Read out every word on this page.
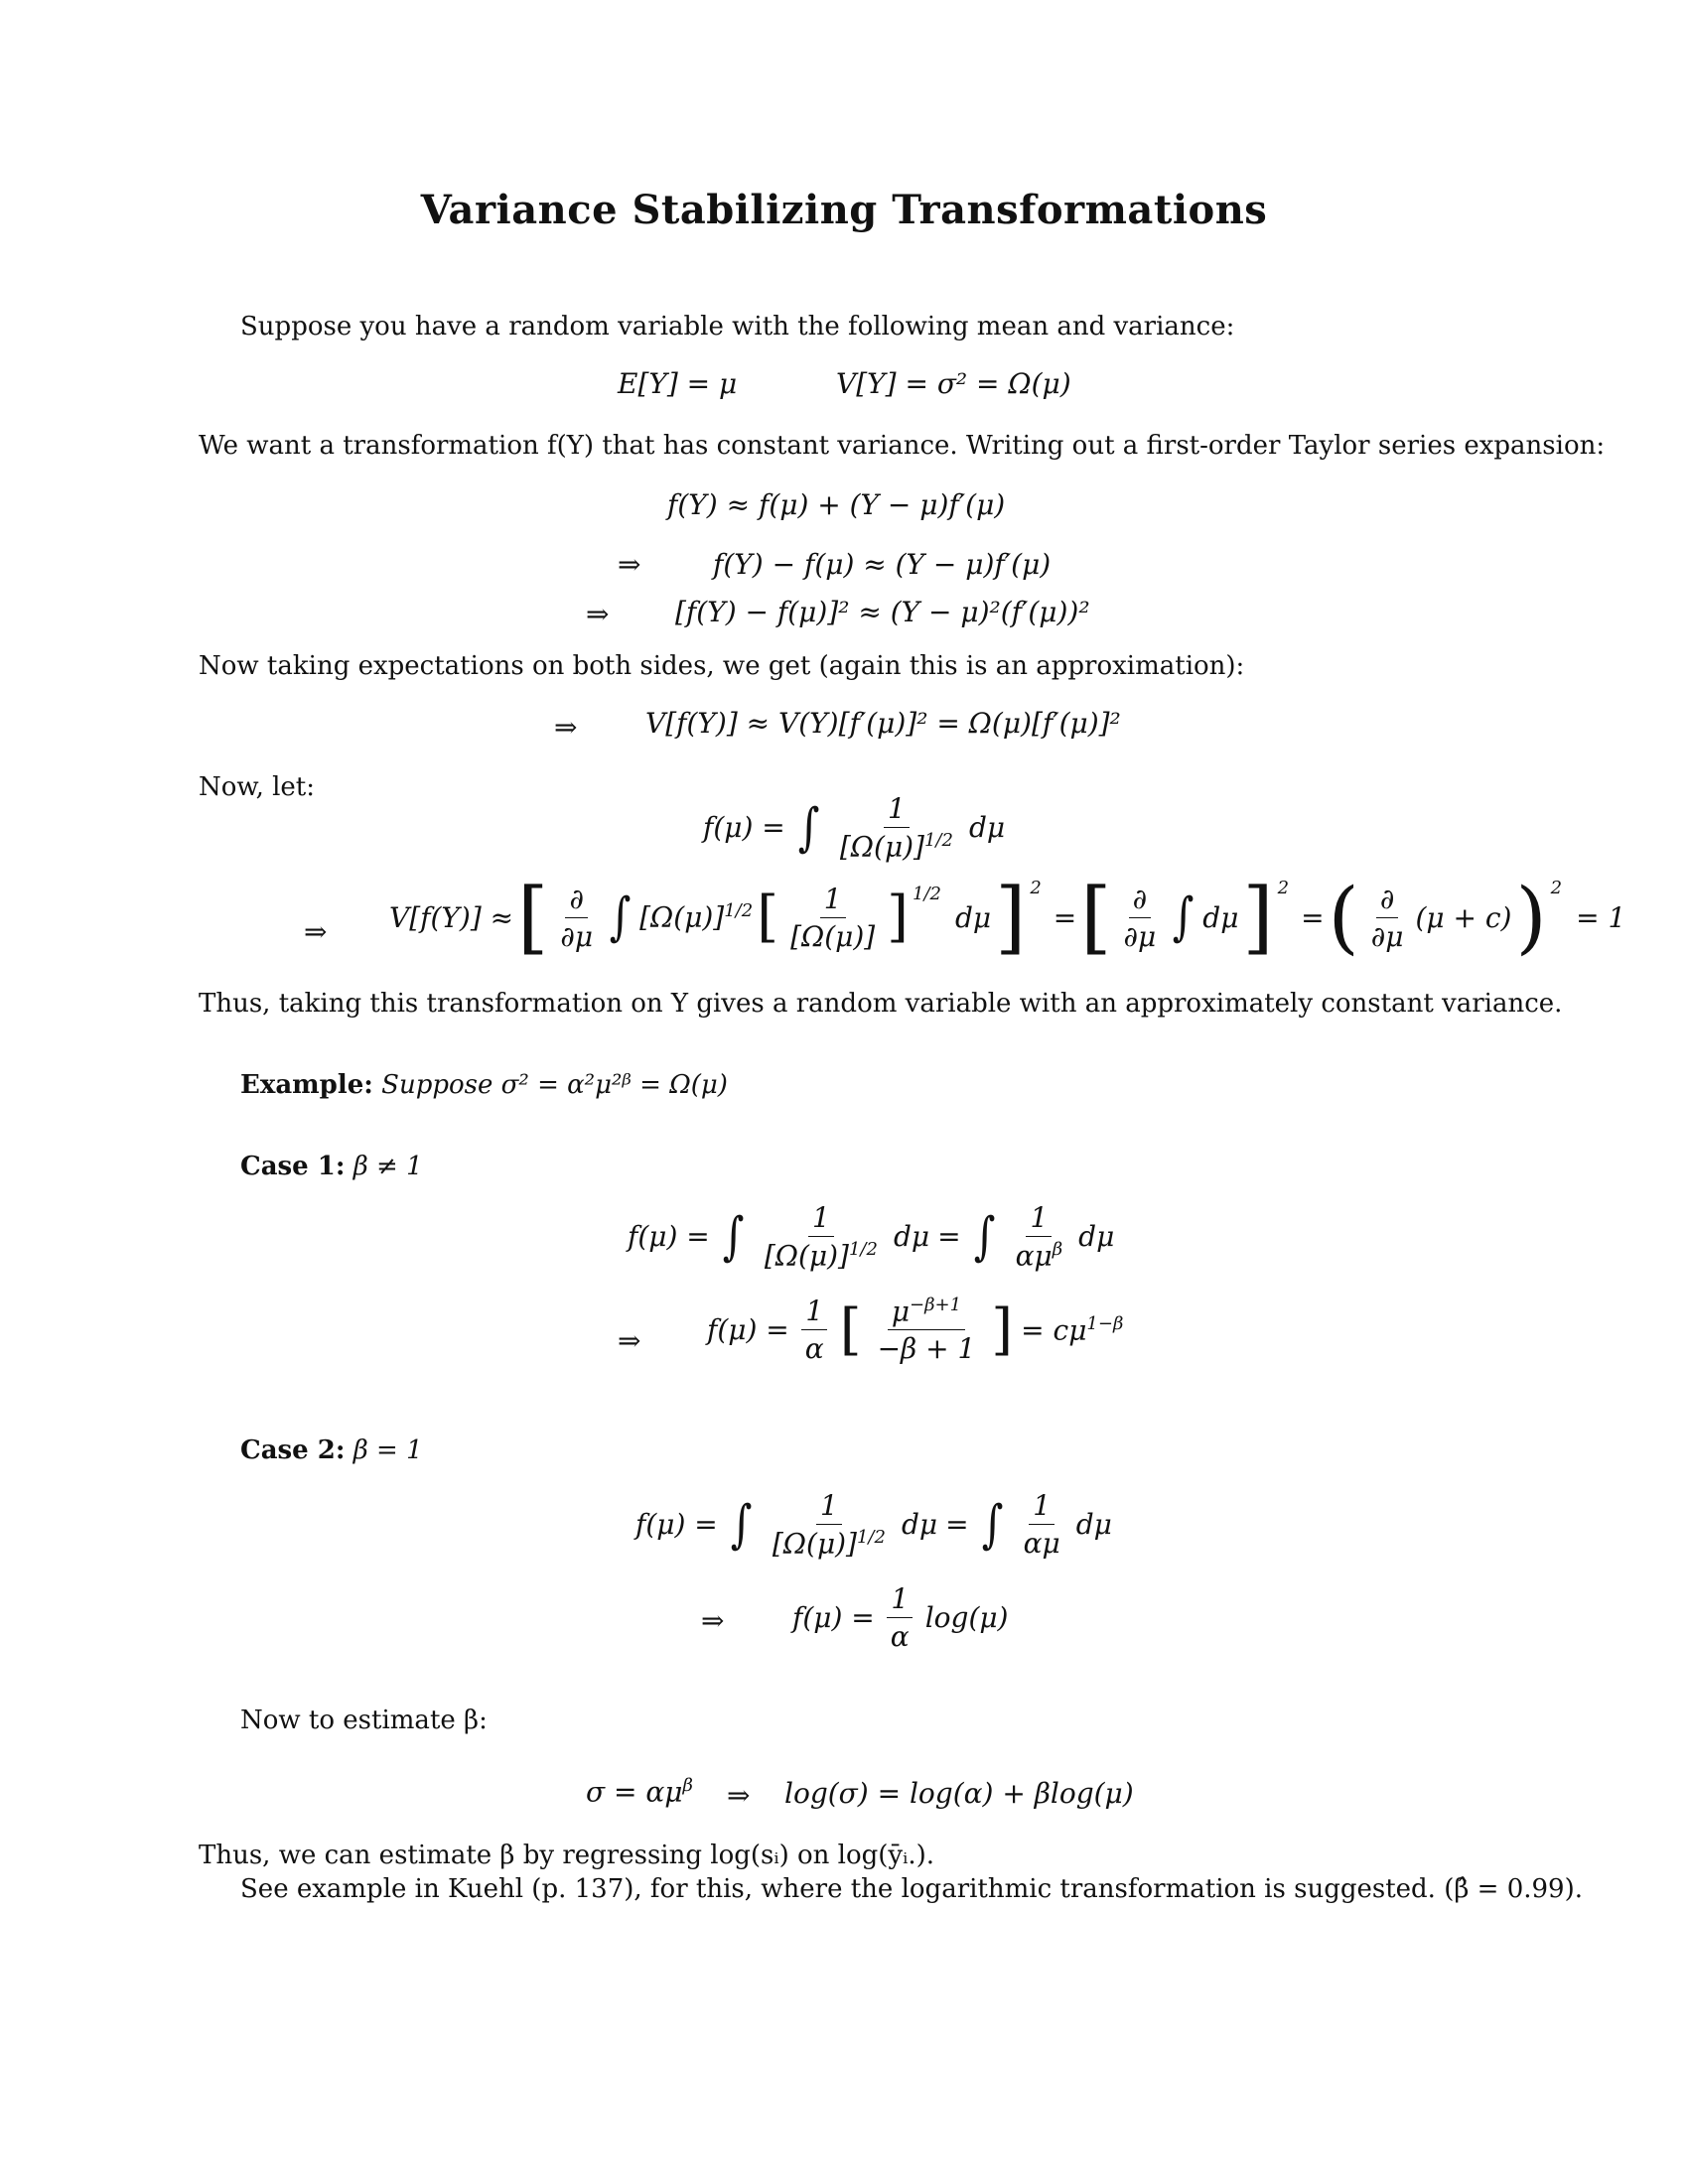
Variance Stabilizing Transformations
Suppose you have a random variable with the following mean and variance:
E[Y] = μ	V[Y] = σ² = Ω(μ)
We want a transformation f(Y) that has constant variance. Writing out a first-order Taylor series expansion:
f(Y) ≈ f(μ) + (Y − μ)f′(μ)
⇒	f(Y) − f(μ) ≈ (Y − μ)f′(μ)
⇒ [f(Y) − f(μ)]² ≈ (Y − μ)²(f′(μ))²
Now taking expectations on both sides, we get (again this is an approximation):
⇒ V[f(Y)] ≈ V(Y)[f′(μ)]² = Ω(μ)[f′(μ)]²
Now, let:
f(μ) = ∫ $\frac{1}{[\Omega(\mu)]^{1/2}}$ dμ
⇒ V[f(Y)] ≈ [ $\frac{\partial}{\partial\mu}$ ∫ $[\Omega(\mu)]^{1/2}$ [ $\frac{1}{[\Omega(\mu)]} ]^{1/2}$
dμ ]$^2$
= [ $\frac{\partial}{\partial\mu}$ ∫ dμ ]$^2$
= ( $\frac{\partial}{\partial\mu} (\mu + c)$ )$^2$
= 1
Thus, taking this transformation on Y gives a random variable with an approximately constant variance.
Example: Suppose σ² = α²μ²ᵝ = Ω(μ)
Case 1: β ≠ 1
f(μ) = ∫ $\frac{1}{[\Omega(\mu)]^{1/2}}$ dμ = ∫ $\frac{1}{\alpha\mu^\beta}$ dμ
⇒ $f(\mu) = \frac{1}{\alpha}$ [ $\frac{\mu^{-\beta+1}}{-\beta + 1}$ ] = $c\mu^{1-\beta}$
Case 2: β = 1
f(μ) = ∫ $\frac{1}{[\Omega(\mu)]^{1/2}}$ dμ = ∫ $\frac{1}{\alpha\mu}$ dμ
⇒ $f(\mu) = \frac{1}{\alpha} \log(\mu)$
Now to estimate β:
$\sigma = \alpha\mu^\beta$ ⇒ log(σ) = log(α) + βlog(μ)
Thus, we can estimate β by regressing log(sᵢ) on log(ȳᵢ.).
See example in Kuehl (p. 137), for this, where the logarithmic transformation is suggested. (β̂ = 0.99).
